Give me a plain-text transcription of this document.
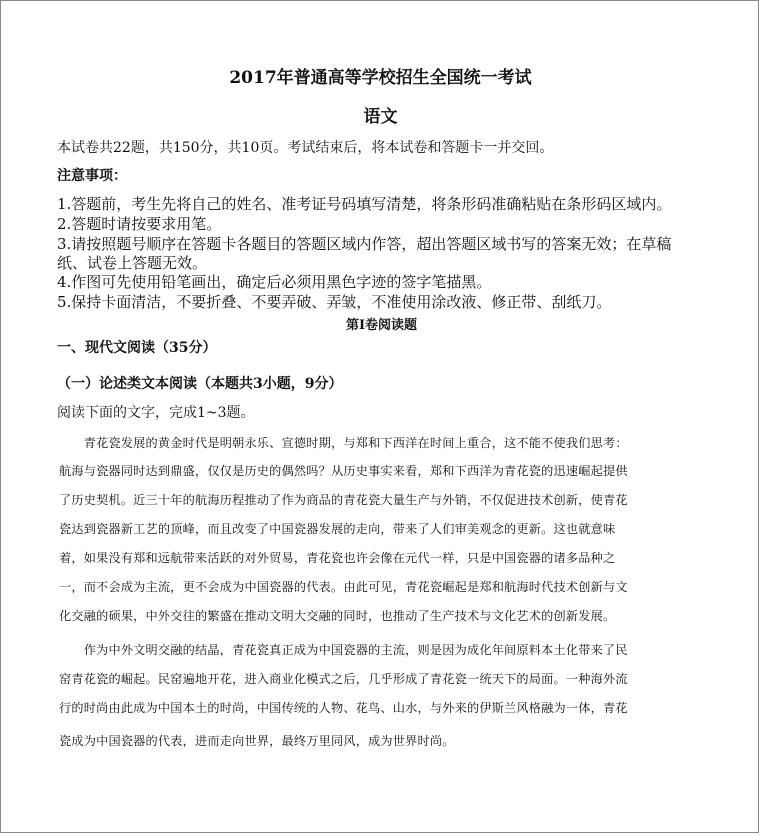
2017年普通高等学校招生全国统一考试
语文
本试卷共22题，共150分，共10页。考试结束后，将本试卷和答题卡一并交回。
注意事项：
1.答题前，考生先将自己的姓名、准考证号码填写清楚，将条形码准确粘贴在条形码区域内。
2.答题时请按要求用笔。
3.请按照题号顺序在答题卡各题目的答题区域内作答，超出答题区域书写的答案无效；在草稿
纸、试卷上答题无效。
4.作图可先使用铅笔画出，确定后必须用黑色字迹的签字笔描黑。
5.保持卡面清洁，不要折叠、不要弄破、弄皱，不准使用涂改液、修正带、刮纸刀。
第Ⅰ卷阅读题
一、现代文阅读（35分）
（一）论述类文本阅读（本题共3小题，9分）
阅读下面的文字，完成1~3题。
　　青花瓷发展的黄金时代是明朝永乐、宣德时期，与郑和下西洋在时间上重合，这不能不使我们思考：
航海与瓷器同时达到鼎盛，仅仅是历史的偶然吗？从历史事实来看，郑和下西洋为青花瓷的迅速崛起提供
了历史契机。近三十年的航海历程推动了作为商品的青花瓷大量生产与外销，不仅促进技术创新，使青花
瓷达到瓷器新工艺的顶峰，而且改变了中国瓷器发展的走向，带来了人们审美观念的更新。这也就意味
着，如果没有郑和远航带来活跃的对外贸易，青花瓷也许会像在元代一样，只是中国瓷器的诸多品种之
一，而不会成为主流，更不会成为中国瓷器的代表。由此可见，青花瓷崛起是郑和航海时代技术创新与文
化交融的硕果，中外交往的繁盛在推动文明大交融的同时，也推动了生产技术与文化艺术的创新发展。
　　作为中外文明交融的结晶，青花瓷真正成为中国瓷器的主流，则是因为成化年间原料本土化带来了民
窑青花瓷的崛起。民窑遍地开花，进入商业化模式之后，几乎形成了青花瓷一统天下的局面。一种海外流
行的时尚由此成为中国本土的时尚，中国传统的人物、花鸟、山水，与外来的伊斯兰风格融为一体，青花
瓷成为中国瓷器的代表，进而走向世界，最终万里同风，成为世界时尚。
